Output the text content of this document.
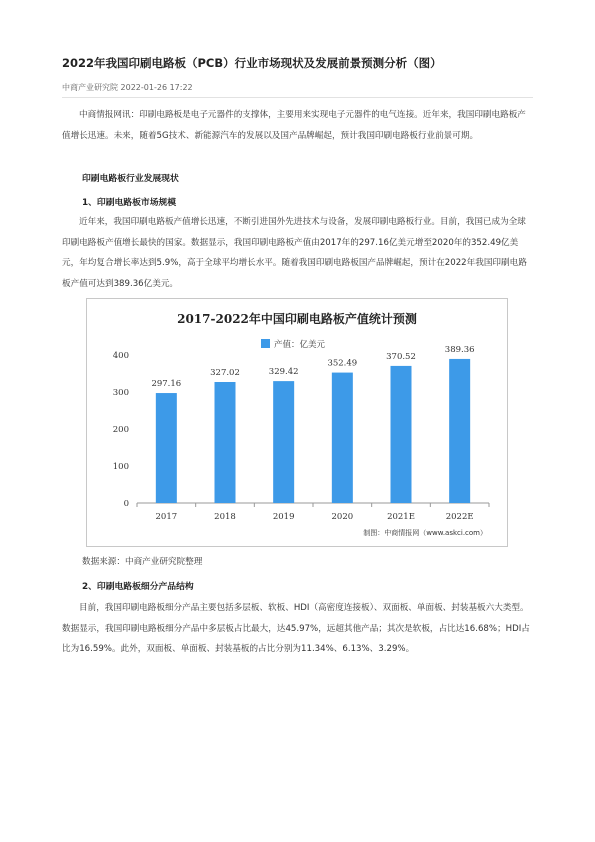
2022年我国印刷电路板（PCB）行业市场现状及发展前景预测分析（图）
中商产业研究院 2022-01-26 17:22

中商情报网讯：印刷电路板是电子元器件的支撑体，主要用来实现电子元器件的电气连接。近年来，我国印刷电路板产值增长迅速。未来，随着5G技术、新能源汽车的发展以及国产品牌崛起，预计我国印刷电路板行业前景可期。

印刷电路板行业发展现状
1、印刷电路板市场规模

近年来，我国印刷电路板产值增长迅速，不断引进国外先进技术与设备，发展印刷电路板行业。目前，我国已成为全球印刷电路板产值增长最快的国家。数据显示，我国印刷电路板产值由2017年的297.16亿美元增至2020年的352.49亿美元，年均复合增长率达到5.9%，高于全球平均增长水平。随着我国印刷电路板国产品牌崛起，预计在2022年我国印刷电路板产值可达到389.36亿美元。

数据来源：中商产业研究院整理
2、印刷电路板细分产品结构

目前，我国印刷电路板细分产品主要包括多层板、软板、HDI（高密度连接板）、双面板、单面板、封装基板六大类型。数据显示，我国印刷电路板细分产品中多层板占比最大，达45.97%，远超其他产品；其次是软板，占比达16.68%；HDI占比为16.59%。此外，双面板、单面板、封装基板的占比分别为11.34%、6.13%、3.29%。

2017-2022年中国印刷电路板产值统计预测
产值：亿美元
0
100
200
300
400
2017	2018	2019	2020	2021E	2022E
297.16
327.02	329.42
352.49
370.52
389.36
制图：中商情报网（www.askci.com）
